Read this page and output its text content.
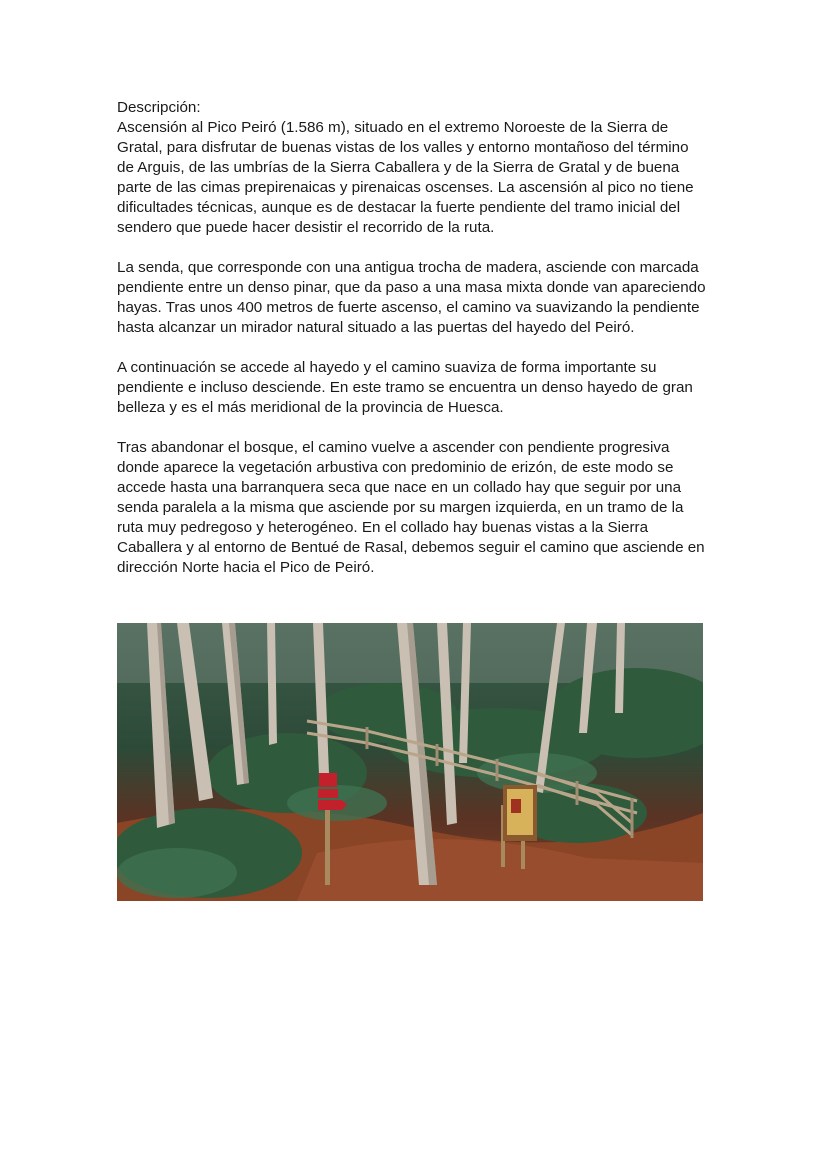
Descripción:

Ascensión al Pico Peiró (1.586 m), situado en el extremo Noroeste de la Sierra de Gratal, para disfrutar de buenas vistas de los valles y entorno montañoso del término de Arguis, de las umbrías de la Sierra Caballera y de la Sierra de Gratal y de buena parte de las cimas prepirenaicas y pirenaicas oscenses. La ascensión al pico no tiene dificultades técnicas, aunque es de destacar la fuerte pendiente del tramo inicial del sendero que puede hacer desistir el recorrido de la ruta.

La senda, que corresponde con una antigua trocha de madera, asciende con marcada pendiente entre un denso pinar, que da paso a una masa mixta donde van apareciendo hayas. Tras unos 400 metros de fuerte ascenso, el camino va suavizando la pendiente hasta alcanzar un mirador natural situado a las puertas del hayedo del Peiró.

A continuación se accede al hayedo y el camino suaviza de forma importante su pendiente e incluso desciende. En este tramo se encuentra un denso hayedo de gran belleza y es el más meridional de la provincia de Huesca.

Tras abandonar el bosque, el camino vuelve a ascender con pendiente progresiva donde aparece la vegetación arbustiva con predominio de erizón, de este modo se accede hasta una barranquera seca que nace en un collado hay que seguir por una senda paralela a la misma que asciende por su margen izquierda, en un tramo de la ruta muy pedregoso y heterogéneo. En el collado hay buenas vistas a la Sierra Caballera y al entorno de Bentué de Rasal, debemos seguir el camino que asciende en dirección Norte hacia el Pico de Peiró.
